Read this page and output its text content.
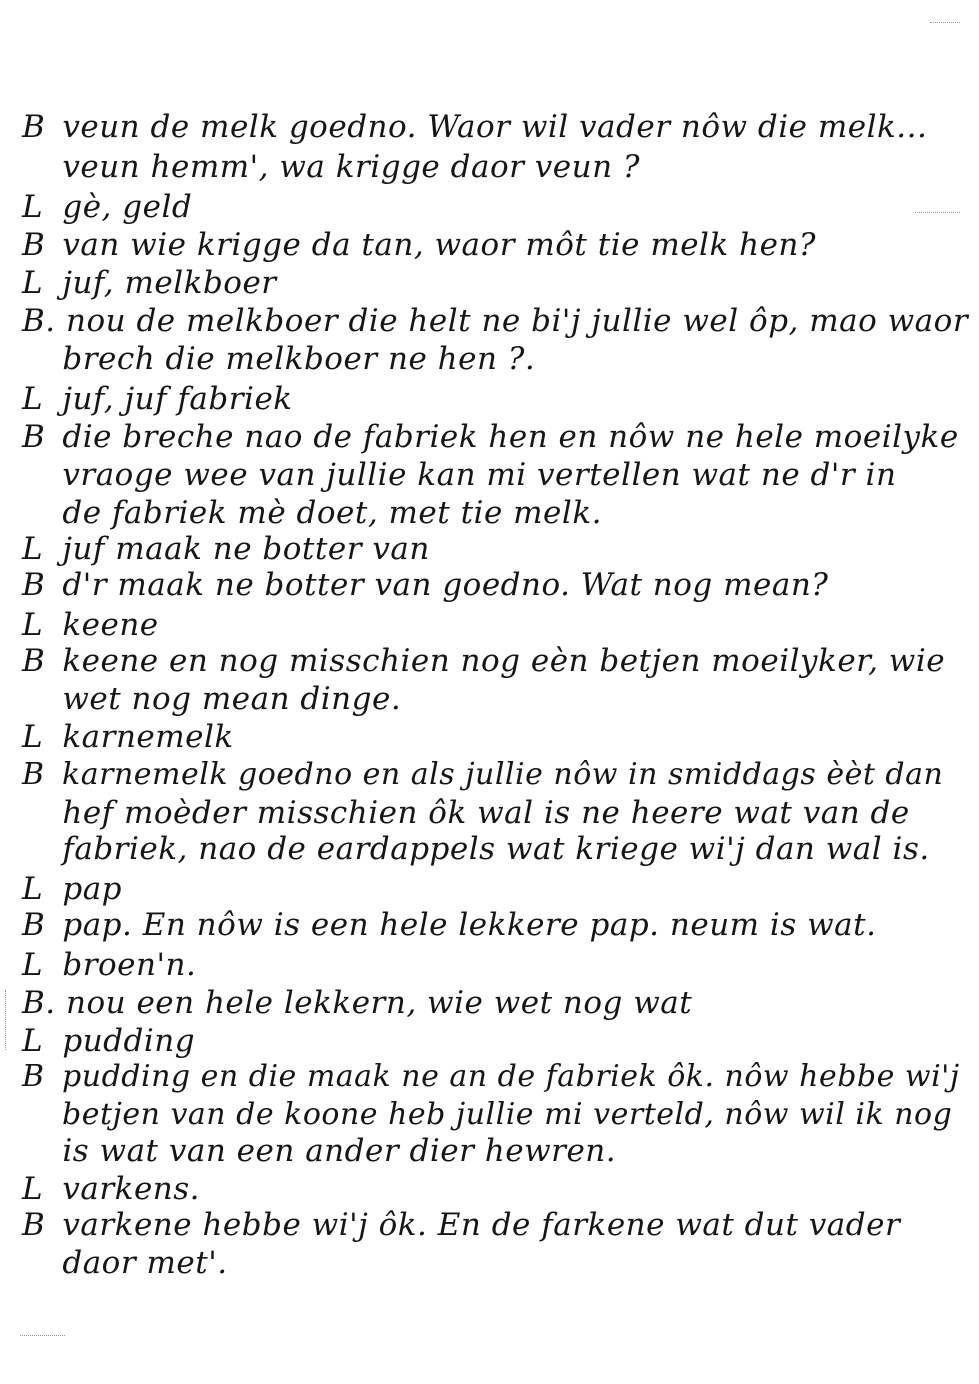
B veun de melk goedno. Waor wil vader nôw die melk...
veun hemm', wa krigge daor veun ?
L gè, geld
B van wie krigge da tan, waor môt tie melk hen?
L juf, melkboer
B. nou de melkboer die helt ne bi'j jullie wel ôp, mao waor
brech die melkboer ne hen ?.
L juf, juf fabriek
B die breche nao de fabriek hen en nôw ne hele moeilyke
vraoge wee van jullie kan mi vertellen wat ne d'r in
de fabriek mè doet, met tie melk.
L juf maak ne botter van
B d'r maak ne botter van goedno. Wat nog mean?
L keene
B keene en nog misschien nog eèn betjen moeilyker, wie
wet nog mean dinge.
L karnemelk
B karnemelk goedno en als jullie nôw in smiddags èèt dan
hef moèder misschien ôk wal is ne heere wat van de
fabriek, nao de eardappels wat kriege wi'j dan wal is.
L pap
B pap. En nôw is een hele lekkere pap. neum is wat.
L broen'n.
B. nou een hele lekkern, wie wet nog wat
L pudding
B pudding en die maak ne an de fabriek ôk. nôw hebbe wi'j
betjen van de koone heb jullie mi verteld, nôw wil ik nog
is wat van een ander dier hewren.
L varkens.
B varkene hebbe wi'j ôk. En de farkene wat dut vader
daor met'.
